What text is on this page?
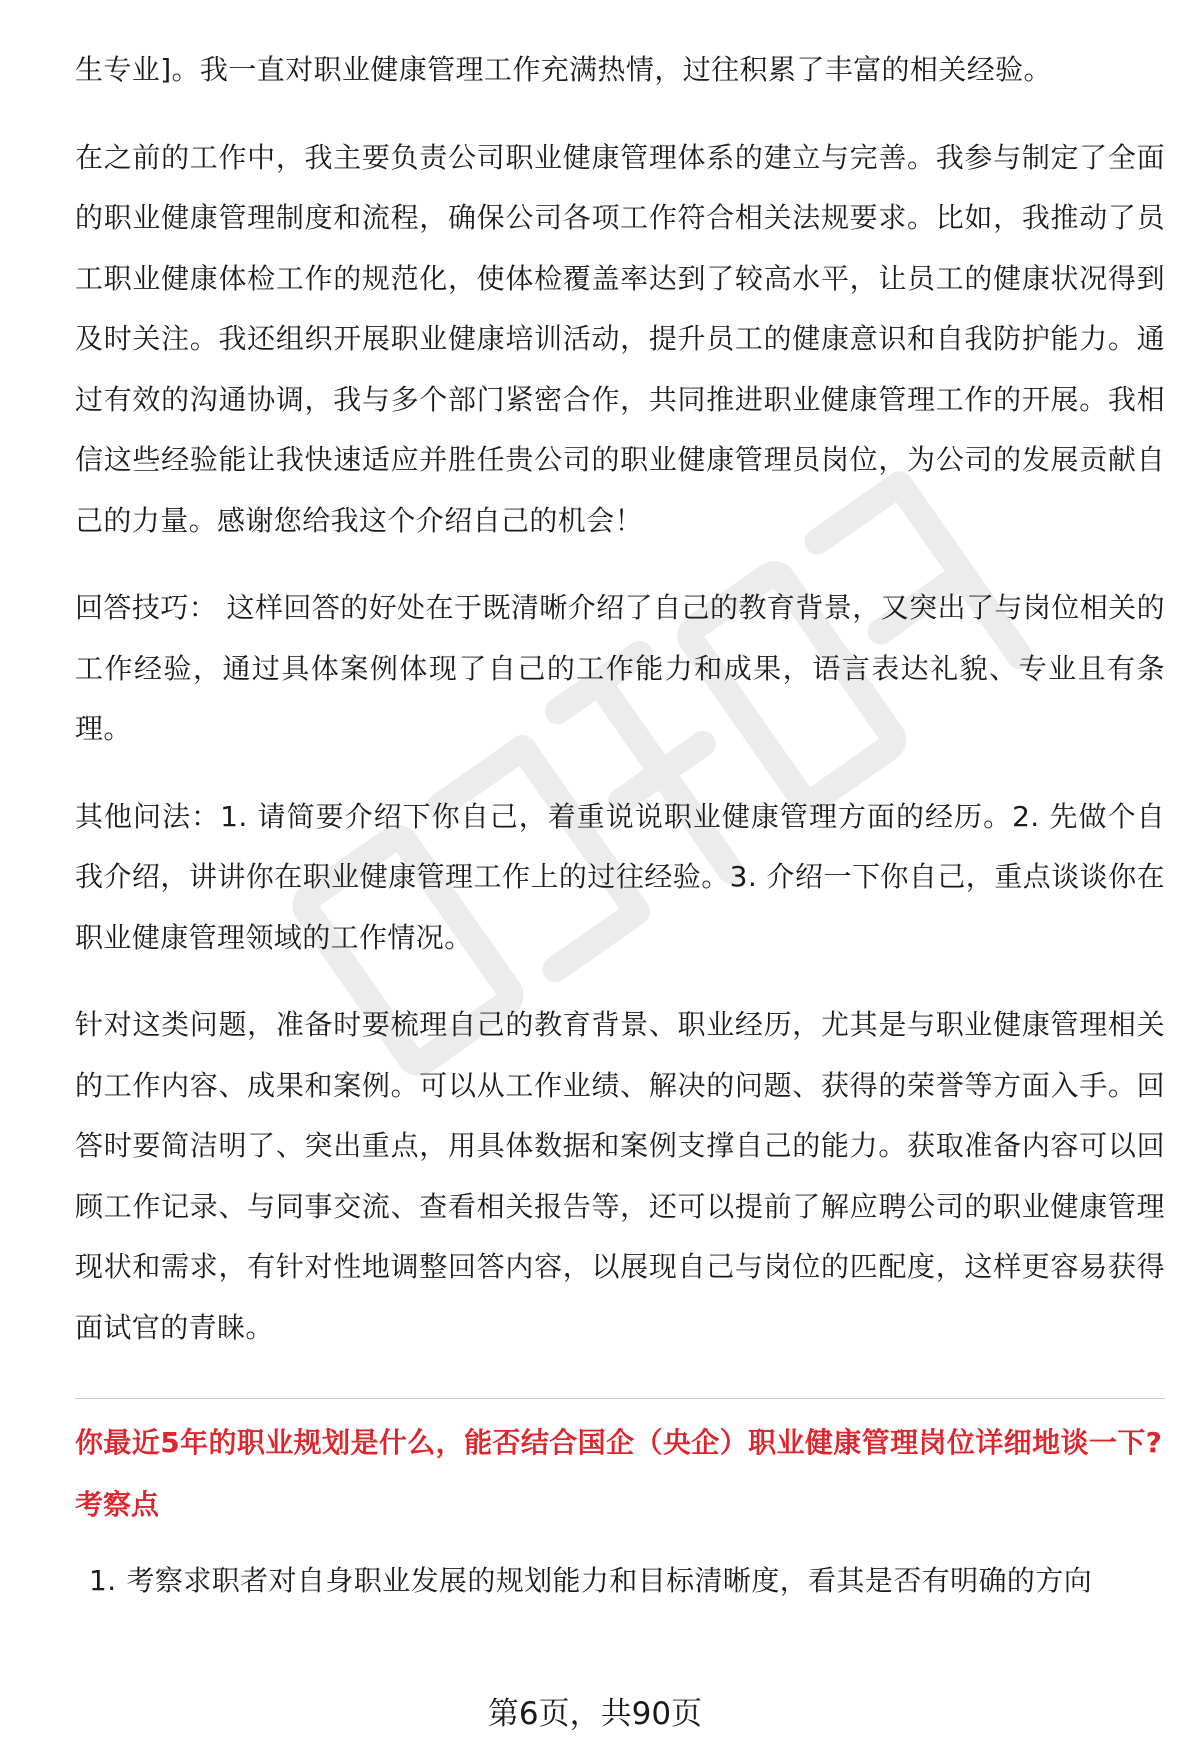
生专业]。我一直对职业健康管理工作充满热情，过往积累了丰富的相关经验。

在之前的工作中，我主要负责公司职业健康管理体系的建立与完善。我参与制定了全面的职业健康管理制度和流程，确保公司各项工作符合相关法规要求。比如，我推动了员工职业健康体检工作的规范化，使体检覆盖率达到了较高水平，让员工的健康状况得到及时关注。我还组织开展职业健康培训活动，提升员工的健康意识和自我防护能力。通过有效的沟通协调，我与多个部门紧密合作，共同推进职业健康管理工作的开展。我相信这些经验能让我快速适应并胜任贵公司的职业健康管理员岗位，为公司的发展贡献自己的力量。感谢您给我这个介绍自己的机会！

回答技巧： 这样回答的好处在于既清晰介绍了自己的教育背景，又突出了与岗位相关的工作经验，通过具体案例体现了自己的工作能力和成果，语言表达礼貌、专业且有条理。

其他问法：1. 请简要介绍下你自己，着重说说职业健康管理方面的经历。2. 先做个自我介绍，讲讲你在职业健康管理工作上的过往经验。3. 介绍一下你自己，重点谈谈你在职业健康管理领域的工作情况。

针对这类问题，准备时要梳理自己的教育背景、职业经历，尤其是与职业健康管理相关的工作内容、成果和案例。可以从工作业绩、解决的问题、获得的荣誉等方面入手。回答时要简洁明了、突出重点，用具体数据和案例支撑自己的能力。获取准备内容可以回顾工作记录、与同事交流、查看相关报告等，还可以提前了解应聘公司的职业健康管理现状和需求，有针对性地调整回答内容，以展现自己与岗位的匹配度，这样更容易获得面试官的青睐。

你最近5年的职业规划是什么，能否结合国企（央企）职业健康管理岗位详细地谈一下?

考察点

1. 考察求职者对自身职业发展的规划能力和目标清晰度，看其是否有明确的方向
第6页，共90页
